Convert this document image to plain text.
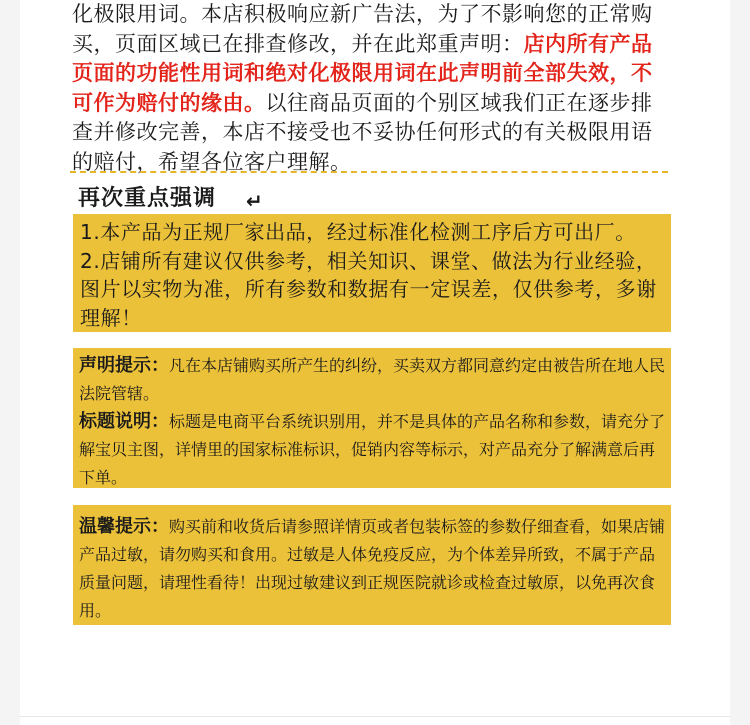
化极限用词。本店积极响应新广告法，为了不影响您的正常购买，页面区域已在排查修改，并在此郑重声明：店内所有产品页面的功能性用词和绝对化极限用词在此声明前全部失效，不可作为赔付的缘由。以往商品页面的个别区域我们正在逐步排查并修改完善，本店不接受也不妥协任何形式的有关极限用语的赔付，希望各位客户理解。

再次重点强调 ↵

1.本产品为正规厂家出品，经过标准化检测工序后方可出厂。

2.店铺所有建议仅供参考，相关知识、课堂、做法为行业经验，图片以实物为准，所有参数和数据有一定误差，仅供参考，多谢理解！

声明提示：凡在本店铺购买所产生的纠纷，买卖双方都同意约定由被告所在地人民法院管辖。

标题说明：标题是电商平台系统识别用，并不是具体的产品名称和参数，请充分了解宝贝主图，详情里的国家标准标识，促销内容等标示，对产品充分了解满意后再下单。

温馨提示：购买前和收货后请参照详情页或者包装标签的参数仔细查看，如果店铺产品过敏，请勿购买和食用。过敏是人体免疫反应，为个体差异所致，不属于产品质量问题，请理性看待！出现过敏建议到正规医院就诊或检查过敏原，以免再次食用。
